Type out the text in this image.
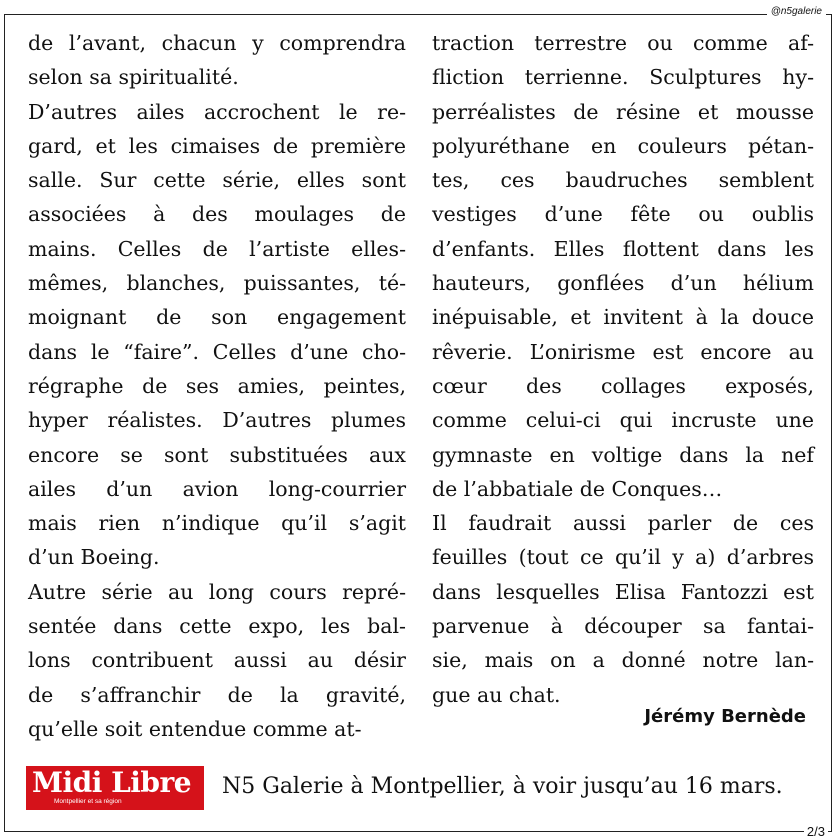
@n5galerie
de l’avant, chacun y comprendra
selon sa spiritualité.
D’autres ailes accrochent le re-
gard, et les cimaises de première
salle. Sur cette série, elles sont
associées à des moulages de
mains. Celles de l’artiste elles-
mêmes, blanches, puissantes, té-
moignant de son engagement
dans le “faire”. Celles d’une cho-
régraphe de ses amies, peintes,
hyper réalistes. D’autres plumes
encore se sont substituées aux
ailes d’un avion long-courrier
mais rien n’indique qu’il s’agit
d’un Boeing.
Autre série au long cours repré-
sentée dans cette expo, les bal-
lons contribuent aussi au désir
de s’affranchir de la gravité,
qu’elle soit entendue comme at-
traction terrestre ou comme af-
fliction terrienne. Sculptures hy-
perréalistes de résine et mousse
polyuréthane en couleurs pétan-
tes, ces baudruches semblent
vestiges d’une fête ou oublis
d’enfants. Elles flottent dans les
hauteurs, gonflées d’un hélium
inépuisable, et invitent à la douce
rêverie. L’onirisme est encore au
cœur des collages exposés,
comme celui-ci qui incruste une
gymnaste en voltige dans la nef
de l’abbatiale de Conques…
Il faudrait aussi parler de ces
feuilles (tout ce qu’il y a) d’arbres
dans lesquelles Elisa Fantozzi est
parvenue à découper sa fantai-
sie, mais on a donné notre lan-
gue au chat.
Jérémy Bernède
Midi Libre
Montpellier et sa région
N5 Galerie à Montpellier, à voir jusqu’au 16 mars.
2/3
